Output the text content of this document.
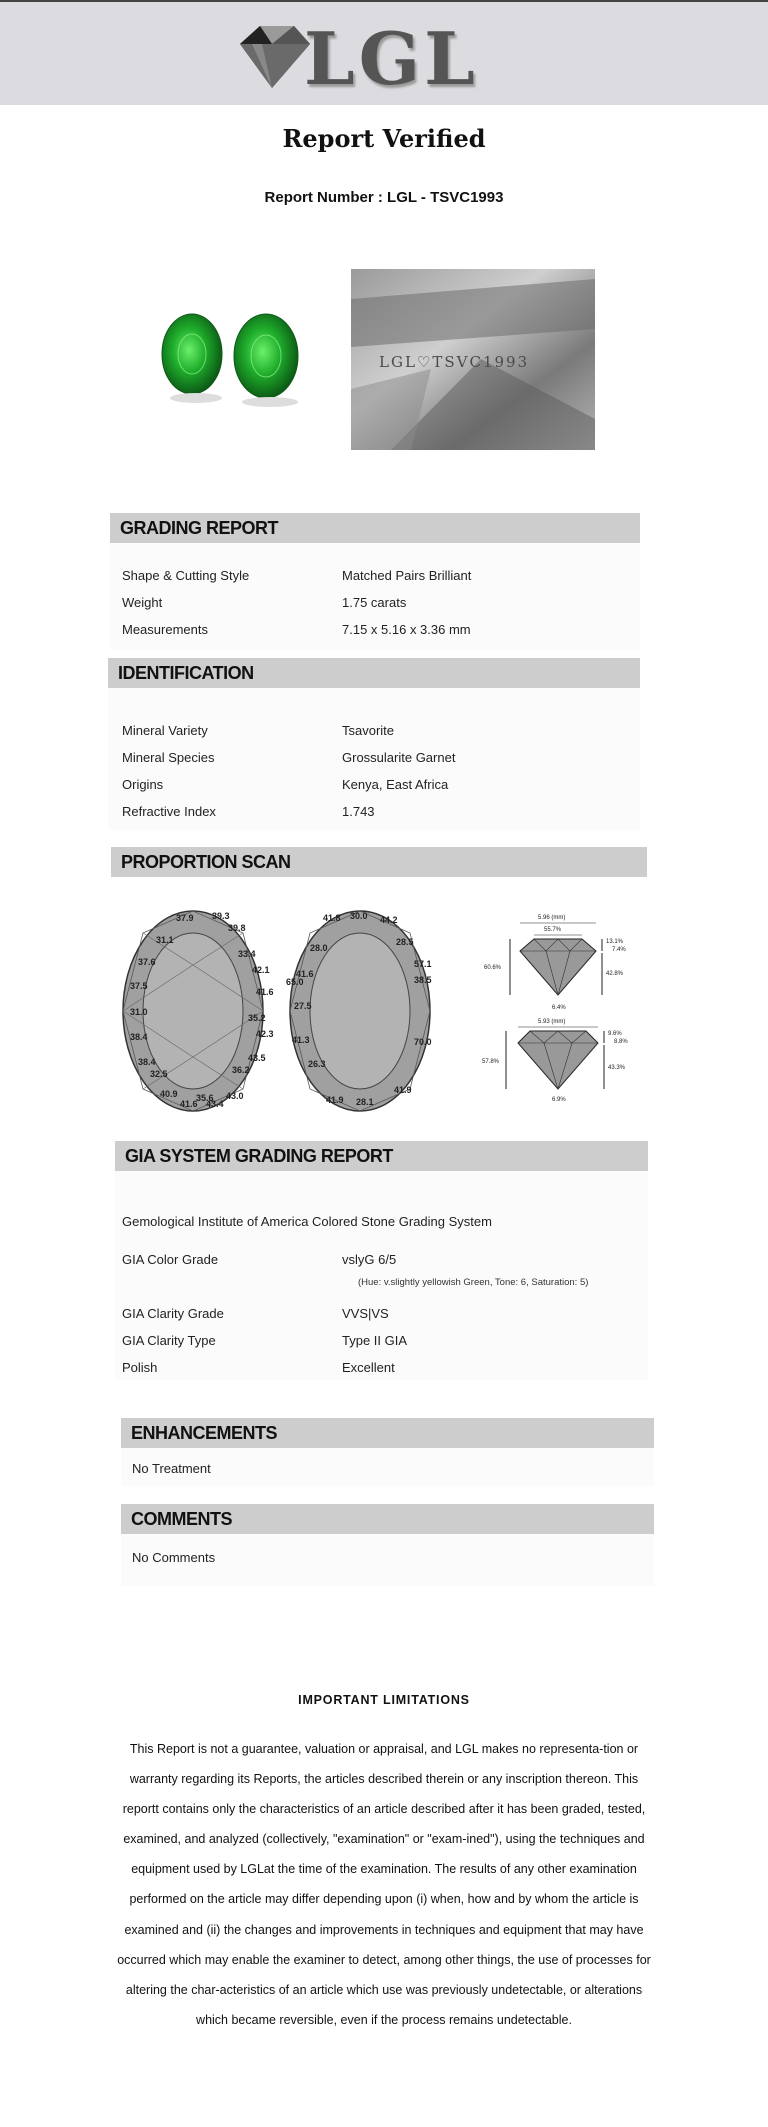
LGL
Report Verified
Report Number : LGL - TSVC1993
LGL♡TSVC1993
GRADING REPORT
Shape & Cutting Style	Matched Pairs Brilliant
Weight	1.75 carats
Measurements	7.15 x 5.16 x 3.36 mm
IDENTIFICATION
Mineral Variety	Tsavorite
Mineral Species	Grossularite Garnet
Origins	Kenya, East Africa
Refractive Index	1.743
PROPORTION SCAN
37.9
31.1
39.3
39.8
37.6
33.4
42.1
37.5
41.6
31.0
35.2
38.4	42.3
38.4
36.2
32.5
43.5
40.9 35.6 43.0
41.6 43.4
41.8 30.0 44.2
28.0
28.5
57.1
41.6
38.5
65.0
27.5
41.3	70.0
26.3
41.9
28.1
41.9
5.96 (mm)
55.7%
60.6%
13.1%
7.4%
42.8%
6.4%
5.93 (mm)
57.8%
9.6%
8.8%
43.3%
6.9%
GIA SYSTEM GRADING REPORT
Gemological Institute of America Colored Stone Grading System
GIA Color Grade	vslyG 6/5
(Hue: v.slightly yellowish Green, Tone: 6, Saturation: 5)
GIA Clarity Grade	VVS|VS
GIA Clarity Type	Type II GIA
Polish	Excellent
ENHANCEMENTS
No Treatment
COMMENTS
No Comments
IMPORTANT LIMITATIONS
This Report is not a guarantee, valuation or appraisal, and LGL makes no representa-tion or warranty regarding its Reports, the articles described therein or any inscription thereon. This reportt contains only the characteristics of an article described after it has been graded, tested, examined, and analyzed (collectively, "examination" or "exam-ined"), using the techniques and equipment used by LGLat the time of the examination. The results of any other examination performed on the article may differ depending upon (i) when, how and by whom the article is examined and (ii) the changes and improvements in techniques and equipment that may have occurred which may enable the examiner to detect, among other things, the use of processes for altering the char-acteristics of an article which use was previously undetectable, or alterations which became reversible, even if the process remains undetectable.
